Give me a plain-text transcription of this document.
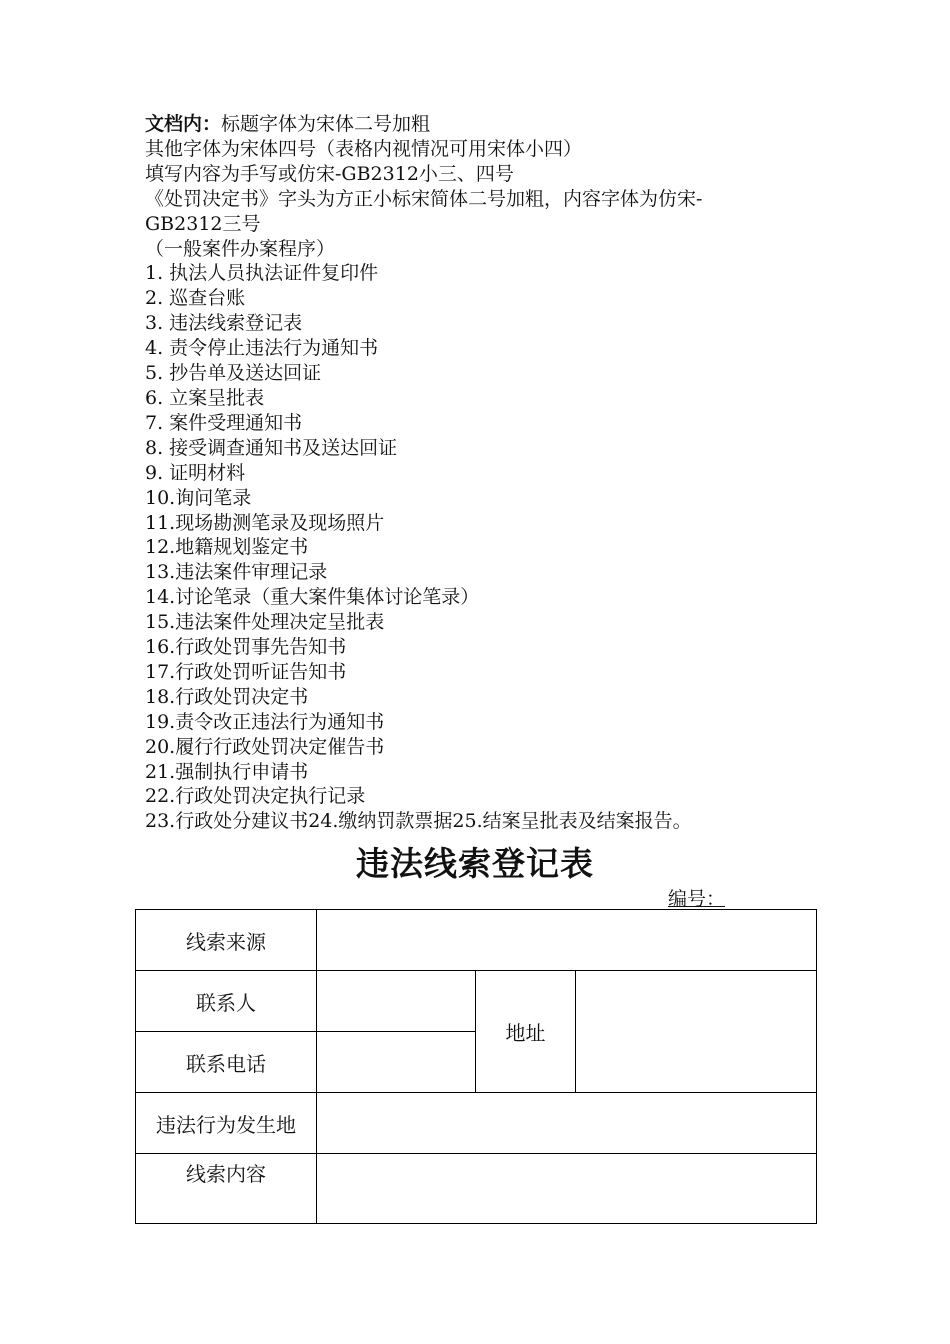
文档内：标题字体为宋体二号加粗
其他字体为宋体四号（表格内视情况可用宋体小四）
填写内容为手写或仿宋-GB2312小三、四号
《处罚决定书》字头为方正小标宋简体二号加粗，内容字体为仿宋-
GB2312三号
（一般案件办案程序）
1. 执法人员执法证件复印件
2. 巡查台账
3. 违法线索登记表
4. 责令停止违法行为通知书
5. 抄告单及送达回证
6. 立案呈批表
7. 案件受理通知书
8. 接受调查通知书及送达回证
9. 证明材料
10.询问笔录
11.现场勘测笔录及现场照片
12.地籍规划鉴定书
13.违法案件审理记录
14.讨论笔录（重大案件集体讨论笔录）
15.违法案件处理决定呈批表
16.行政处罚事先告知书
17.行政处罚听证告知书
18.行政处罚决定书
19.责令改正违法行为通知书
20.履行行政处罚决定催告书
21.强制执行申请书
22.行政处罚决定执行记录
23.行政处分建议书24.缴纳罚款票据25.结案呈批表及结案报告。
违法线索登记表
编号：
线索来源			
联系人		地址	
联系电话			
违法行为发生地			
线索内容			
